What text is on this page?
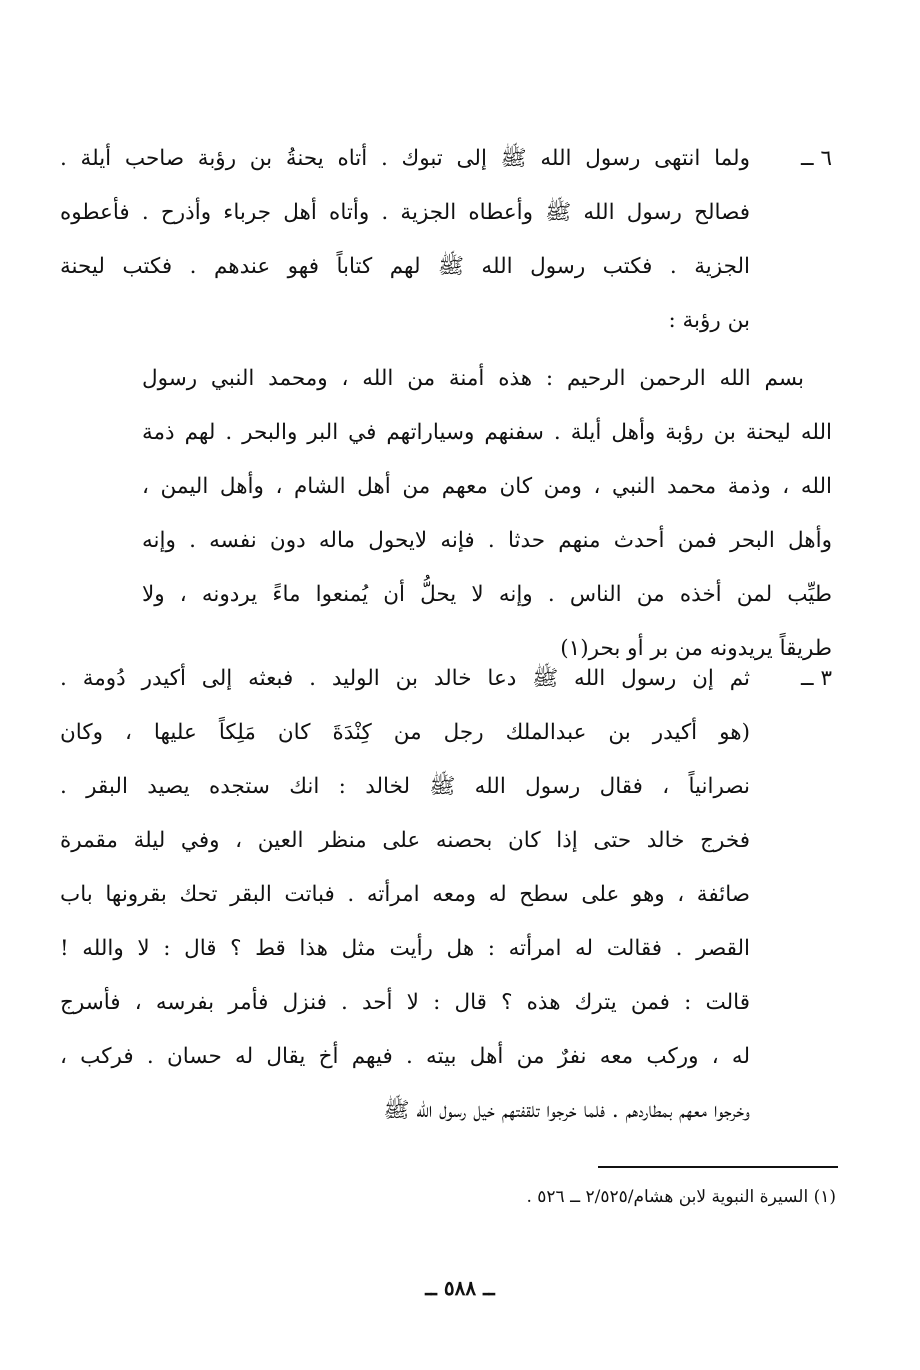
٦ ــ
ولما انتهى رسول الله ﷺ إلى تبوك . أتاه يحنةُ بن رؤبة صاحب أيلة .
فصالح رسول الله ﷺ وأعطاه الجزية . وأتاه أهل جرباء وأذرح . فأعطوه
الجزية . فكتب رسول الله ﷺ لهم كتاباً فهو عندهم . فكتب ليحنة
بن رؤبة :
بسم الله الرحمن الرحيم : هذه أمنة من الله ، ومحمد النبي رسول
الله ليحنة بن رؤبة وأهل أيلة . سفنهم وسياراتهم في البر والبحر . لهم ذمة
الله ، وذمة محمد النبي ، ومن كان معهم من أهل الشام ، وأهل اليمن ،
وأهل البحر فمن أحدث منهم حدثا . فإنه لايحول ماله دون نفسه . وإنه
طيِّب لمن أخذه من الناس . وإنه لا يحلُّ أن يُمنعوا ماءً يردونه ، ولا
طريقاً يريدونه من بر أو بحر(١)
٣ ــ
ثم إن رسول الله ﷺ دعا خالد بن الوليد . فبعثه إلى أكيدر دُومة .
(هو أكيدر بن عبدالملك رجل من كِنْدَةَ كان مَلِكاً عليها ، وكان
نصرانياً ، فقال رسول الله ﷺ لخالد : انك ستجده يصيد البقر .
فخرج خالد حتى إذا كان بحصنه على منظر العين ، وفي ليلة مقمرة
صائفة ، وهو على سطح له ومعه امرأته . فباتت البقر تحك بقرونها باب
القصر . فقالت له امرأته : هل رأيت مثل هذا قط ؟ قال : لا والله !
قالت : فمن يترك هذه ؟ قال : لا أحد . فنزل فأمر بفرسه ، فأسرج
له ، وركب معه نفرٌ من أهل بيته . فيهم أخ يقال له حسان . فركب ،
وخرجوا معهم بمطاردهم . فلما خرجوا تلقفتهم خيل رسول الله ﷺ
(١) السيرة النبوية لابن هشام/٢/٥٢٥ ــ ٥٢٦ .
ــ ٥٨٨ ــ
